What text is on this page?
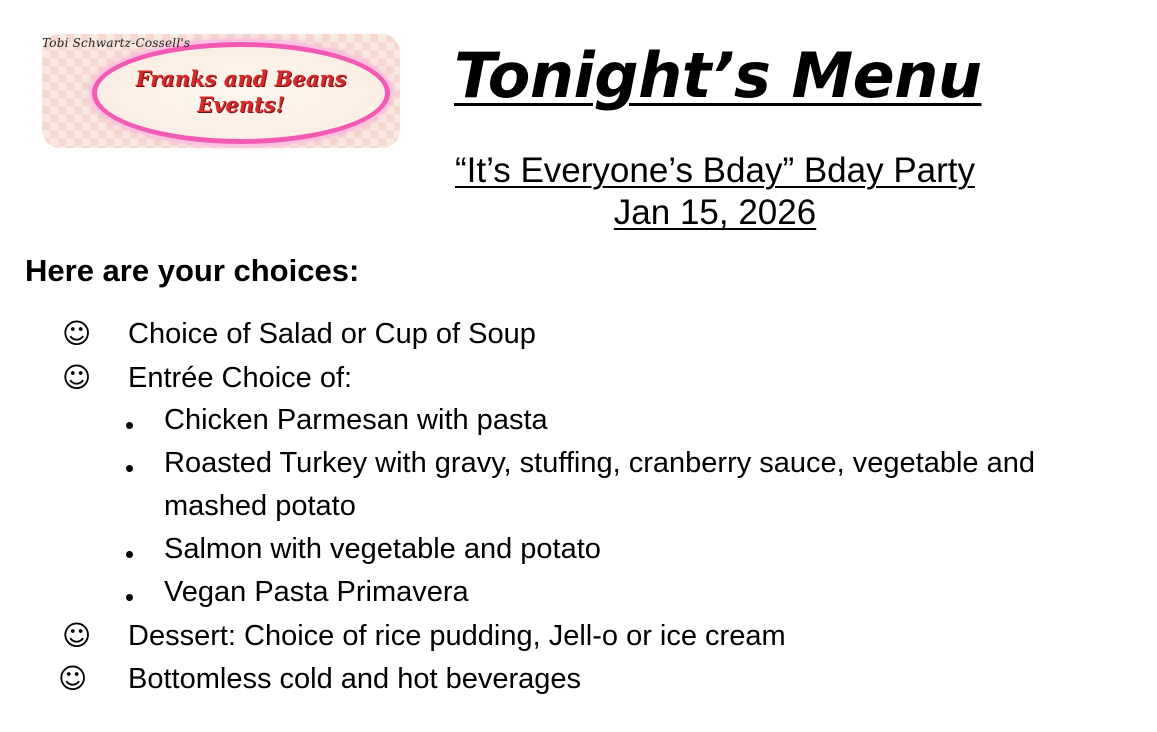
Tobi Schwartz-Cossell's
Franks and Beans
Events!	Tonight’s Menu
“It’s Everyone’s Bday” Bday Party
Jan 15, 2026
Here are your choices:
☺ Choice of Salad or Cup of Soup
☺ Entrée Choice of:
Chicken Parmesan with pasta
Roasted Turkey with gravy, stuffing, cranberry sauce, vegetable and mashed potato
Salmon with vegetable and potato
Vegan Pasta Primavera
☺ Dessert: Choice of rice pudding, Jell-o or ice cream
☺ Bottomless cold and hot beverages
